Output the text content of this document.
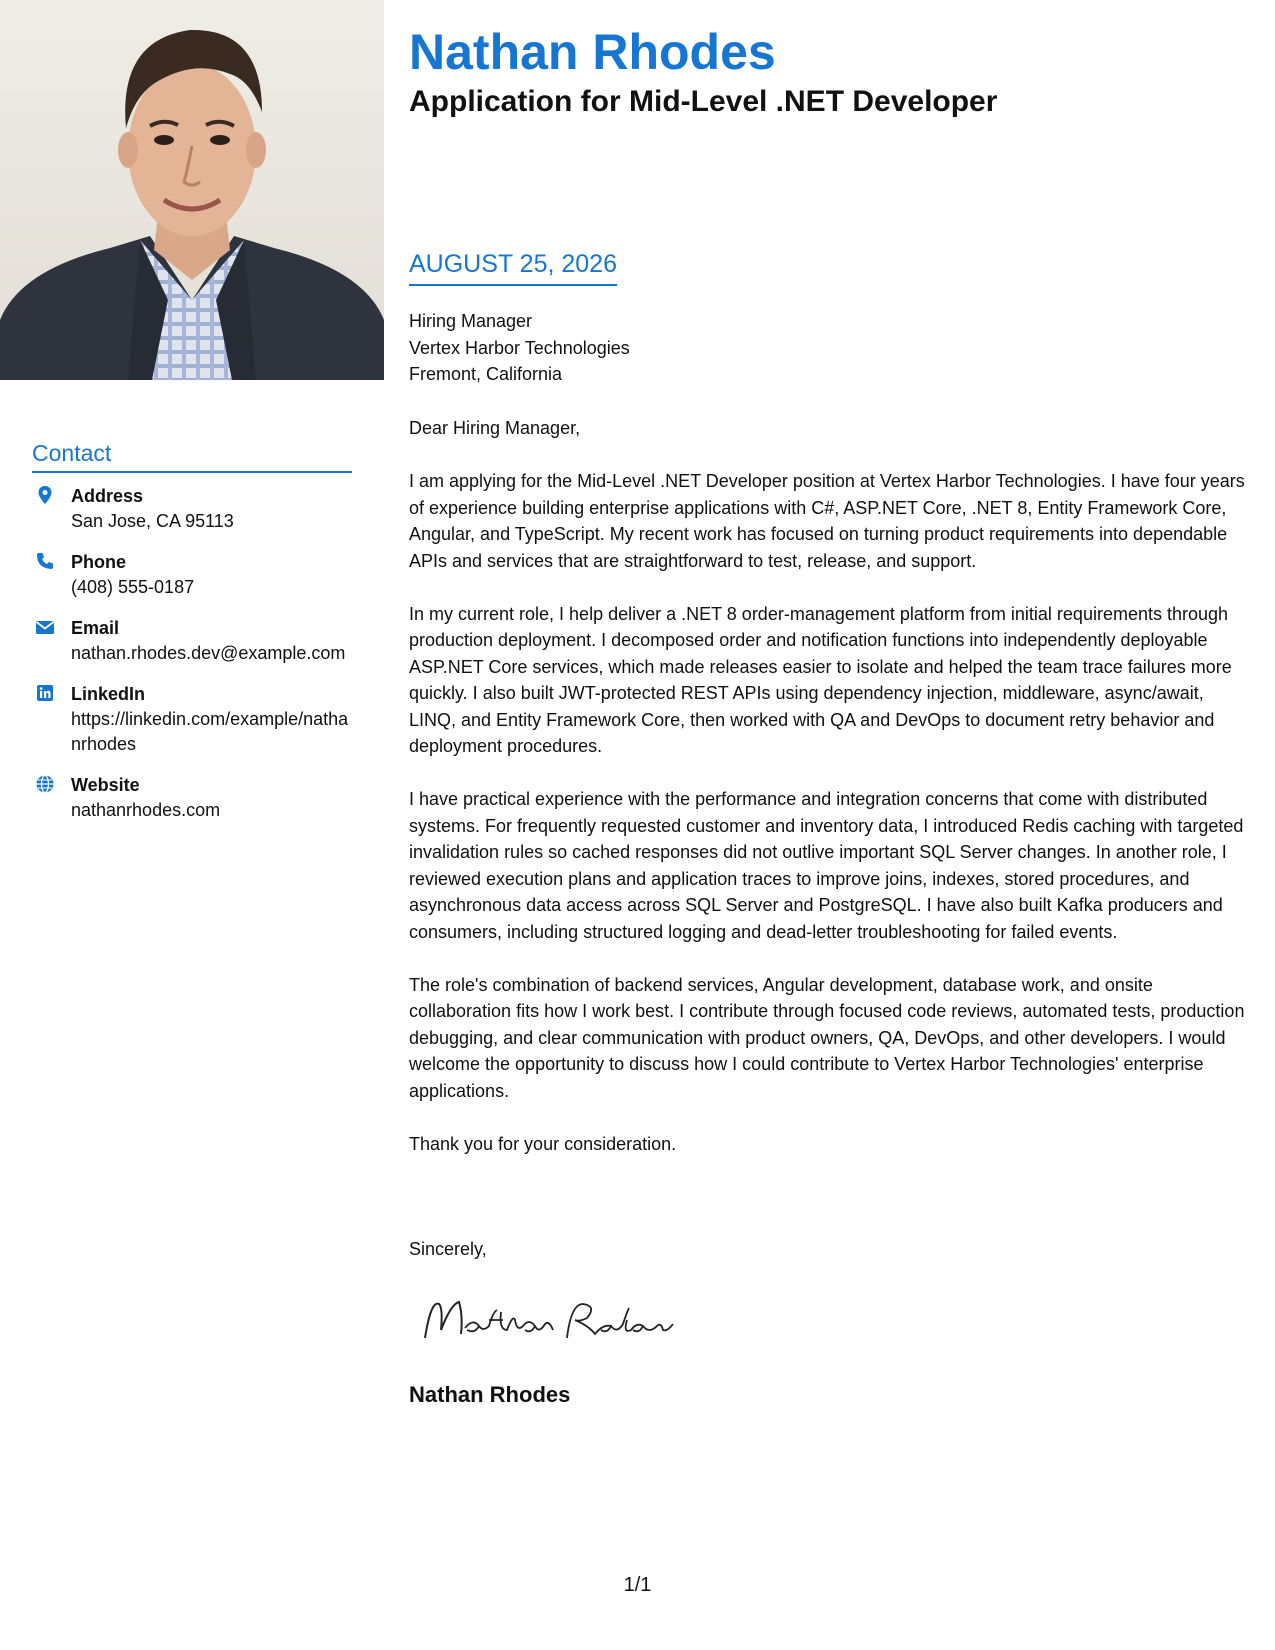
Contact
Address
San Jose, CA 95113
Phone
(408) 555-0187
Email
nathan.rhodes.dev@example.com
LinkedIn
https://linkedin.com/example/nathanrhodes
Website
nathanrhodes.com
Nathan Rhodes
Application for Mid-Level .NET Developer
AUGUST 25, 2026
Hiring Manager
Vertex Harbor Technologies
Fremont, California

Dear Hiring Manager,

I am applying for the Mid-Level .NET Developer position at Vertex Harbor Technologies. I have four years of experience building enterprise applications with C#, ASP.NET Core, .NET 8, Entity Framework Core, Angular, and TypeScript. My recent work has focused on turning product requirements into dependable APIs and services that are straightforward to test, release, and support.

In my current role, I help deliver a .NET 8 order-management platform from initial requirements through production deployment. I decomposed order and notification functions into independently deployable ASP.NET Core services, which made releases easier to isolate and helped the team trace failures more quickly. I also built JWT-protected REST APIs using dependency injection, middleware, async/await, LINQ, and Entity Framework Core, then worked with QA and DevOps to document retry behavior and deployment procedures.

I have practical experience with the performance and integration concerns that come with distributed systems. For frequently requested customer and inventory data, I introduced Redis caching with targeted invalidation rules so cached responses did not outlive important SQL Server changes. In another role, I reviewed execution plans and application traces to improve joins, indexes, stored procedures, and asynchronous data access across SQL Server and PostgreSQL. I have also built Kafka producers and consumers, including structured logging and dead-letter troubleshooting for failed events.

The role's combination of backend services, Angular development, database work, and onsite collaboration fits how I work best. I contribute through focused code reviews, automated tests, production debugging, and clear communication with product owners, QA, DevOps, and other developers. I would welcome the opportunity to discuss how I could contribute to Vertex Harbor Technologies' enterprise applications.

Thank you for your consideration.

Sincerely,
Nathan Rhodes
1/1
